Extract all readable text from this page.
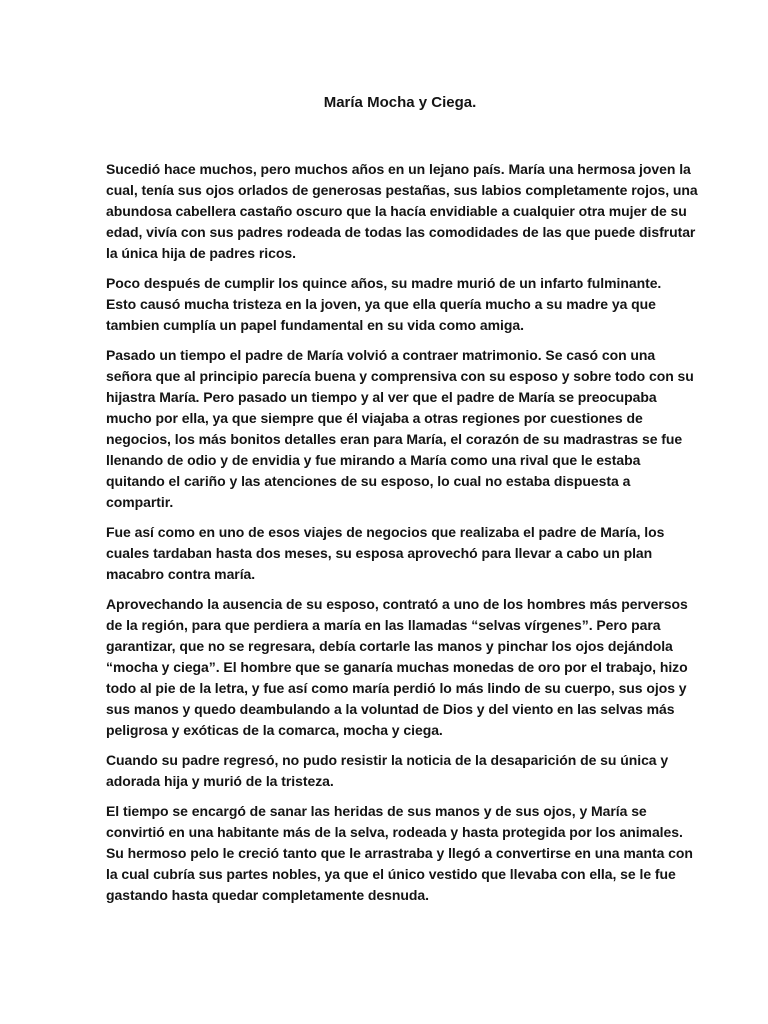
María Mocha y Ciega.

Sucedió hace muchos, pero muchos años en un lejano país. María una hermosa joven la
cual, tenía sus ojos orlados de generosas pestañas, sus labios completamente rojos, una
abundosa cabellera castaño oscuro que la hacía envidiable a cualquier otra mujer de su
edad, vivía con sus padres rodeada de todas las comodidades de las que puede disfrutar
la única hija de padres ricos.

Poco después de cumplir los quince años, su madre murió de un infarto fulminante.
Esto causó mucha tristeza en la joven, ya que ella quería mucho a su madre ya que
tambien cumplía un papel fundamental en su vida como amiga.

Pasado un tiempo el padre de María volvió a contraer matrimonio. Se casó con una
señora que al principio parecía buena y comprensiva con su esposo y sobre todo con su
hijastra María. Pero pasado un tiempo y al ver que el padre de María se preocupaba
mucho por ella, ya que siempre que él viajaba a otras regiones por cuestiones de
negocios, los más bonitos detalles eran para María, el corazón de su madrastras se fue
llenando de odio y de envidia y fue mirando a María como una rival que le estaba
quitando el cariño y las atenciones de su esposo, lo cual no estaba dispuesta a
compartir.

Fue así como en uno de esos viajes de negocios que realizaba el padre de María, los
cuales tardaban hasta dos meses, su esposa aprovechó para llevar a cabo un plan
macabro contra maría.

Aprovechando la ausencia de su esposo, contrató a uno de los hombres más perversos
de la región, para que perdiera a maría en las llamadas “selvas vírgenes”. Pero para
garantizar, que no se regresara, debía cortarle las manos y pinchar los ojos dejándola
“mocha y ciega”. El hombre que se ganaría muchas monedas de oro por el trabajo, hizo
todo al pie de la letra, y fue así como maría perdió lo más lindo de su cuerpo, sus ojos y
sus manos y quedo deambulando a la voluntad de Dios y del viento en las selvas más
peligrosa y exóticas de la comarca, mocha y ciega.

Cuando su padre regresó, no pudo resistir la noticia de la desaparición de su única y
adorada hija y murió de la tristeza.

El tiempo se encargó de sanar las heridas de sus manos y de sus ojos, y María se
convirtió en una habitante más de la selva, rodeada y hasta protegida por los animales.
Su hermoso pelo le creció tanto que le arrastraba y llegó a convertirse en una manta con
la cual cubría sus partes nobles, ya que el único vestido que llevaba con ella, se le fue
gastando hasta quedar completamente desnuda.
